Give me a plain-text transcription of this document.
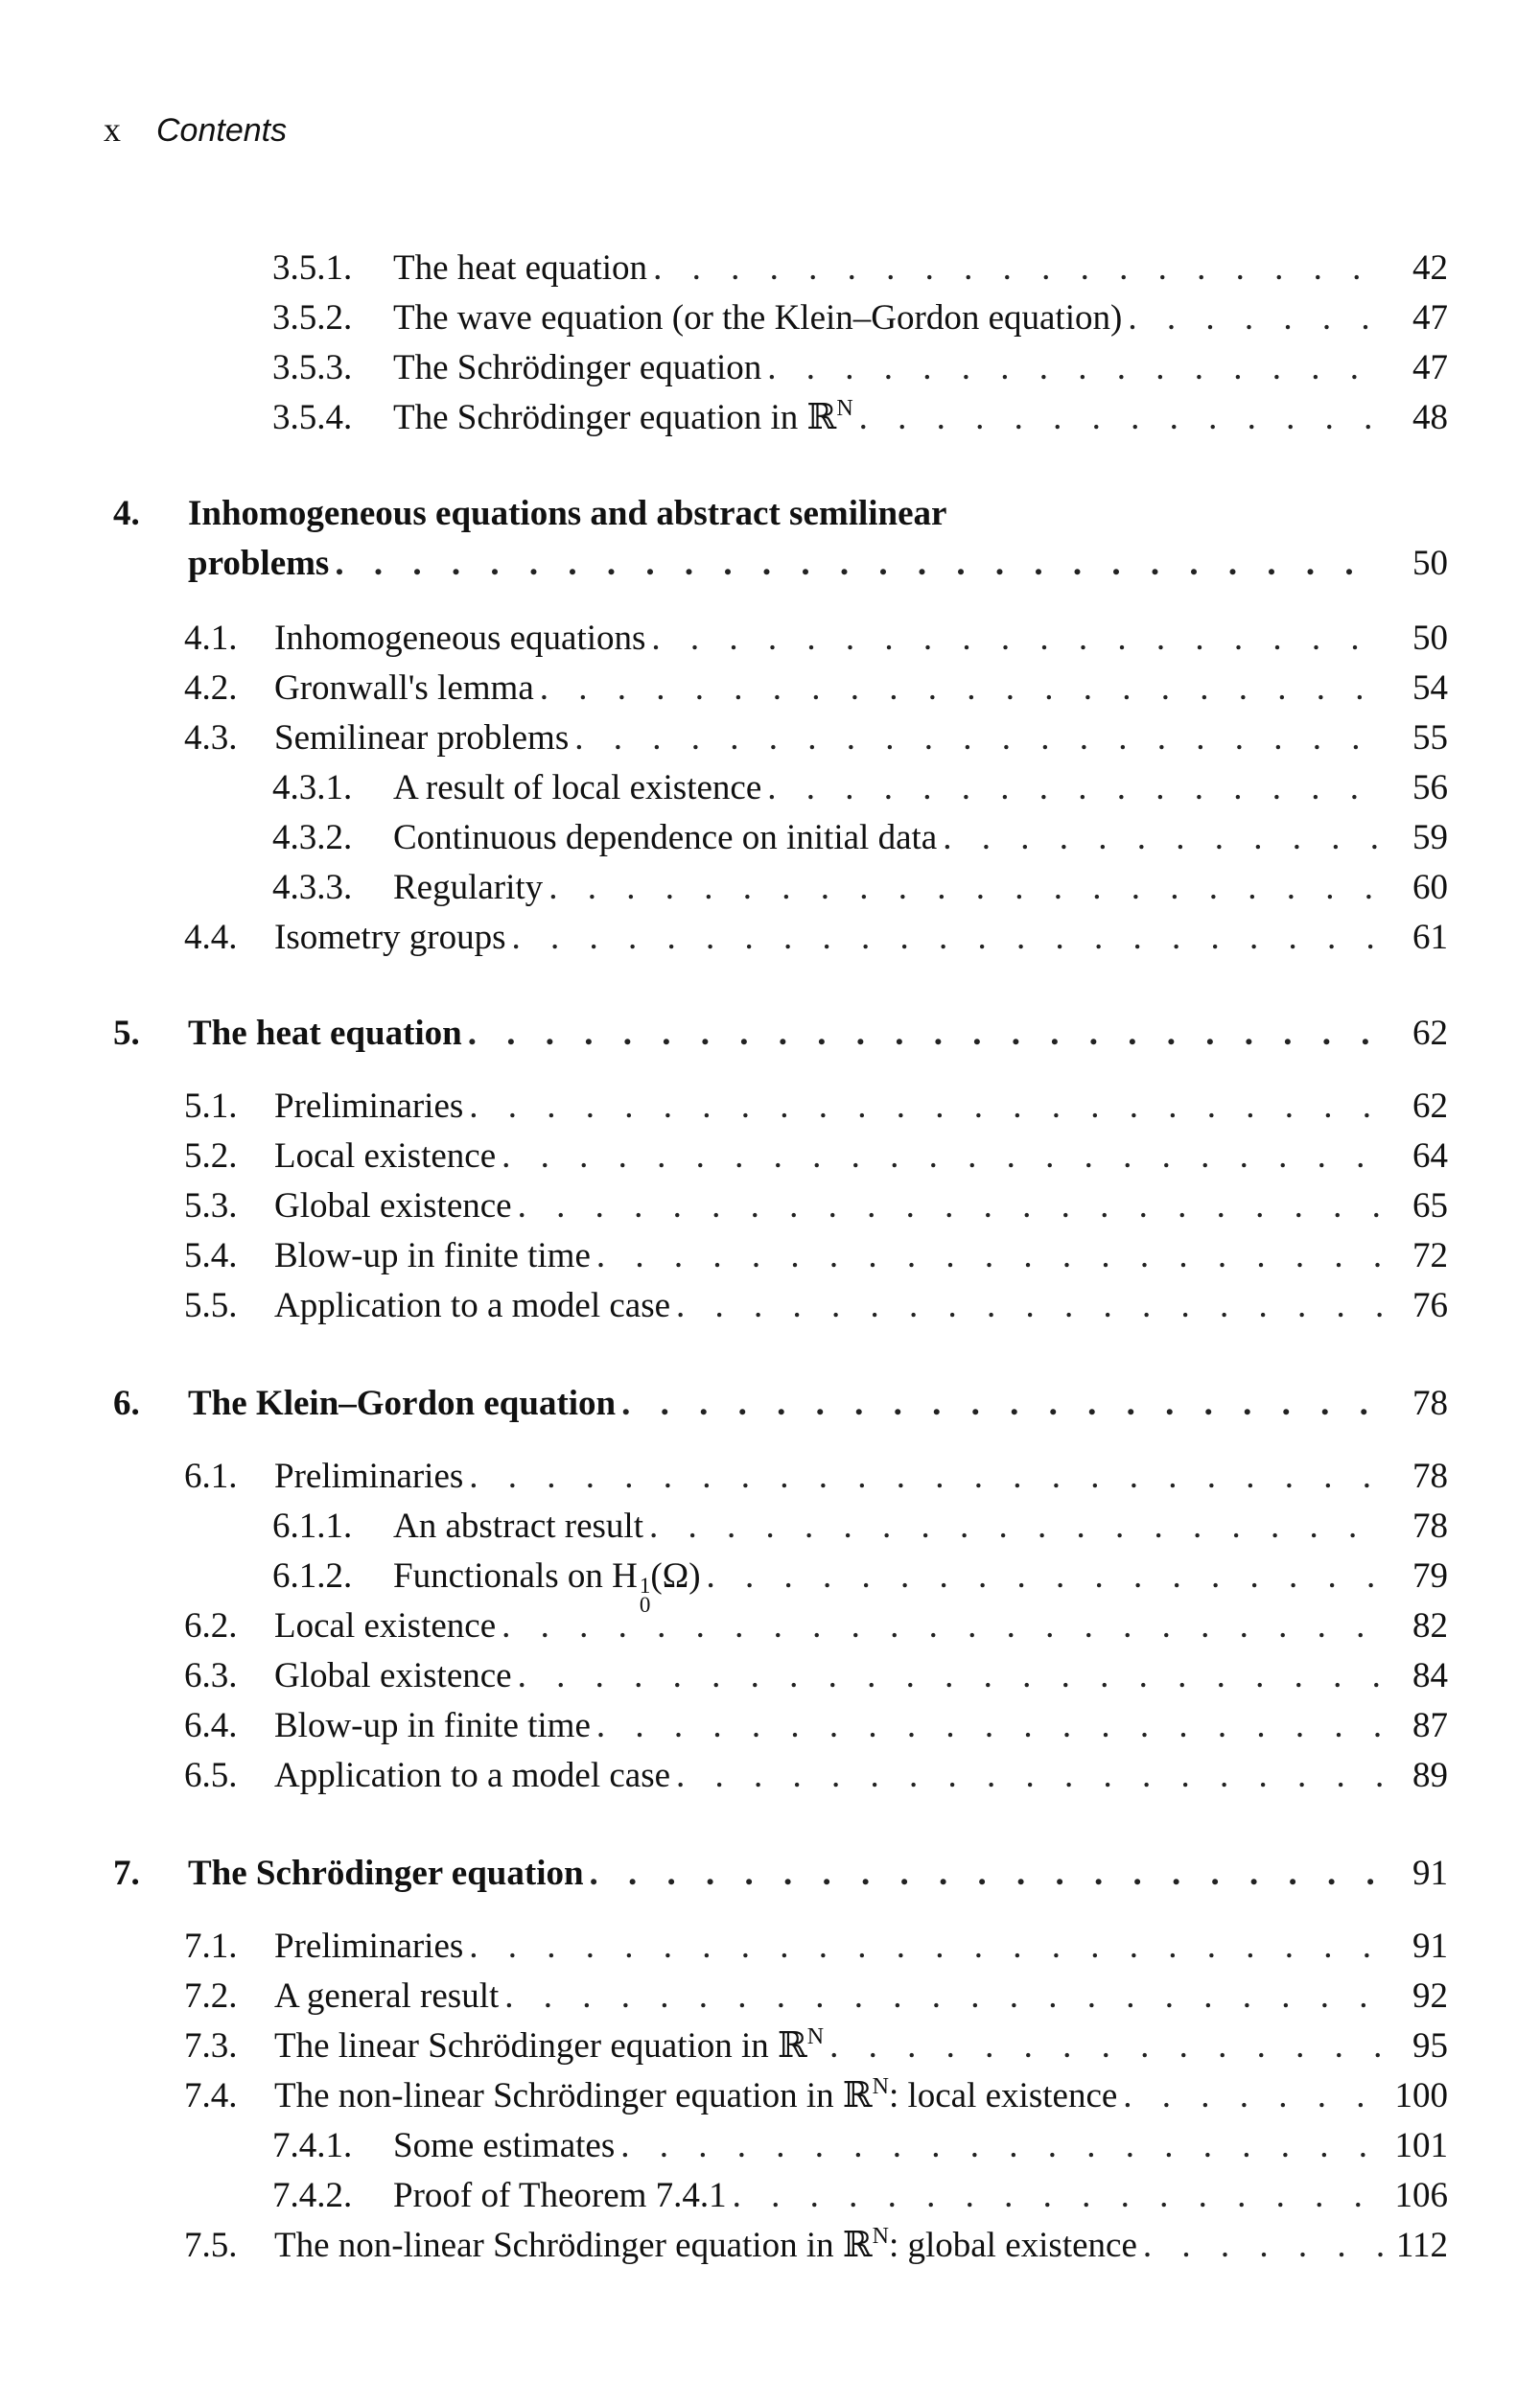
x Contents
3.5.1.	The heat equation . . .	42
3.5.2.	The wave equation (or the Klein–Gordon equation) . . .	47
3.5.3.	The Schrödinger equation . . .	47
3.5.4.	The Schrödinger equation in ℝ$^N$ . . .	48
4. Inhomogeneous equations and abstract semilinear
problems . . .	50
4.1.	Inhomogeneous equations . . .	50
4.2.	Gronwall's lemma . . .	54
4.3.	Semilinear problems . . .	55
4.3.1.	A result of local existence . . .	56
4.3.2.	Continuous dependence on initial data . . .	59
4.3.3.	Regularity . . .	60
4.4.	Isometry groups . . .	61
5.	The heat equation . . .	62
5.1.	Preliminaries . . .	62
5.2.	Local existence . . .	64
5.3.	Global existence . . .	65
5.4.	Blow-up in finite time . . .	72
5.5.	Application to a model case . . .	76
6.	The Klein–Gordon equation . . .	78
6.1.	Preliminaries . . .	78
6.1.1.	An abstract result . . .	78
6.1.2.	Functionals on H 1
0
(Ω) . . .	79
6.2.	Local existence . . .	82
6.3.	Global existence . . .	84
6.4.	Blow-up in finite time . . .	87
6.5.	Application to a model case . . .	89
7.	The Schrödinger equation . . .	91
7.1.	Preliminaries . . .	91
7.2.	A general result . . .	92
7.3.	The linear Schrödinger equation in ℝ$^N$ . . .	95
7.4.	The non-linear Schrödinger equation in ℝ$^N$: local existence . . .	100
7.4.1.	Some estimates . . .	101
7.4.2.	Proof of Theorem 7.4.1 . . .	106
7.5.	The non-linear Schrödinger equation in ℝ$^N$: global existence . . .	112
